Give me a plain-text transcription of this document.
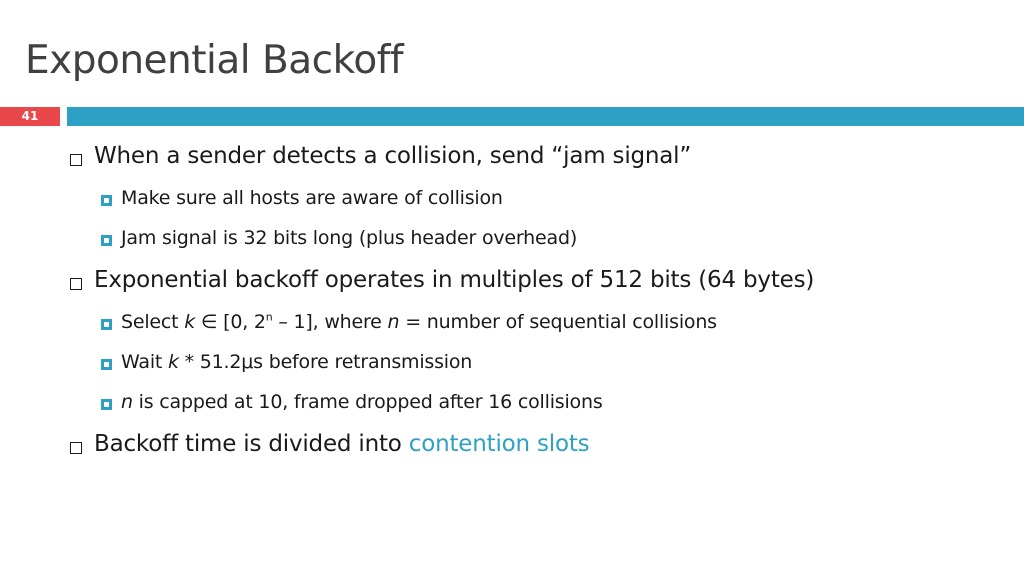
Exponential Backoff
41
When a sender detects a collision, send “jam signal”
Make sure all hosts are aware of collision
Jam signal is 32 bits long (plus header overhead)
Exponential backoff operates in multiples of 512 bits (64 bytes)
Select k ∈ [0, 2$^n$ – 1], where n = number of sequential collisions
Wait k * 51.2μs before retransmission
n is capped at 10, frame dropped after 16 collisions
Backoff time is divided into contention slots
